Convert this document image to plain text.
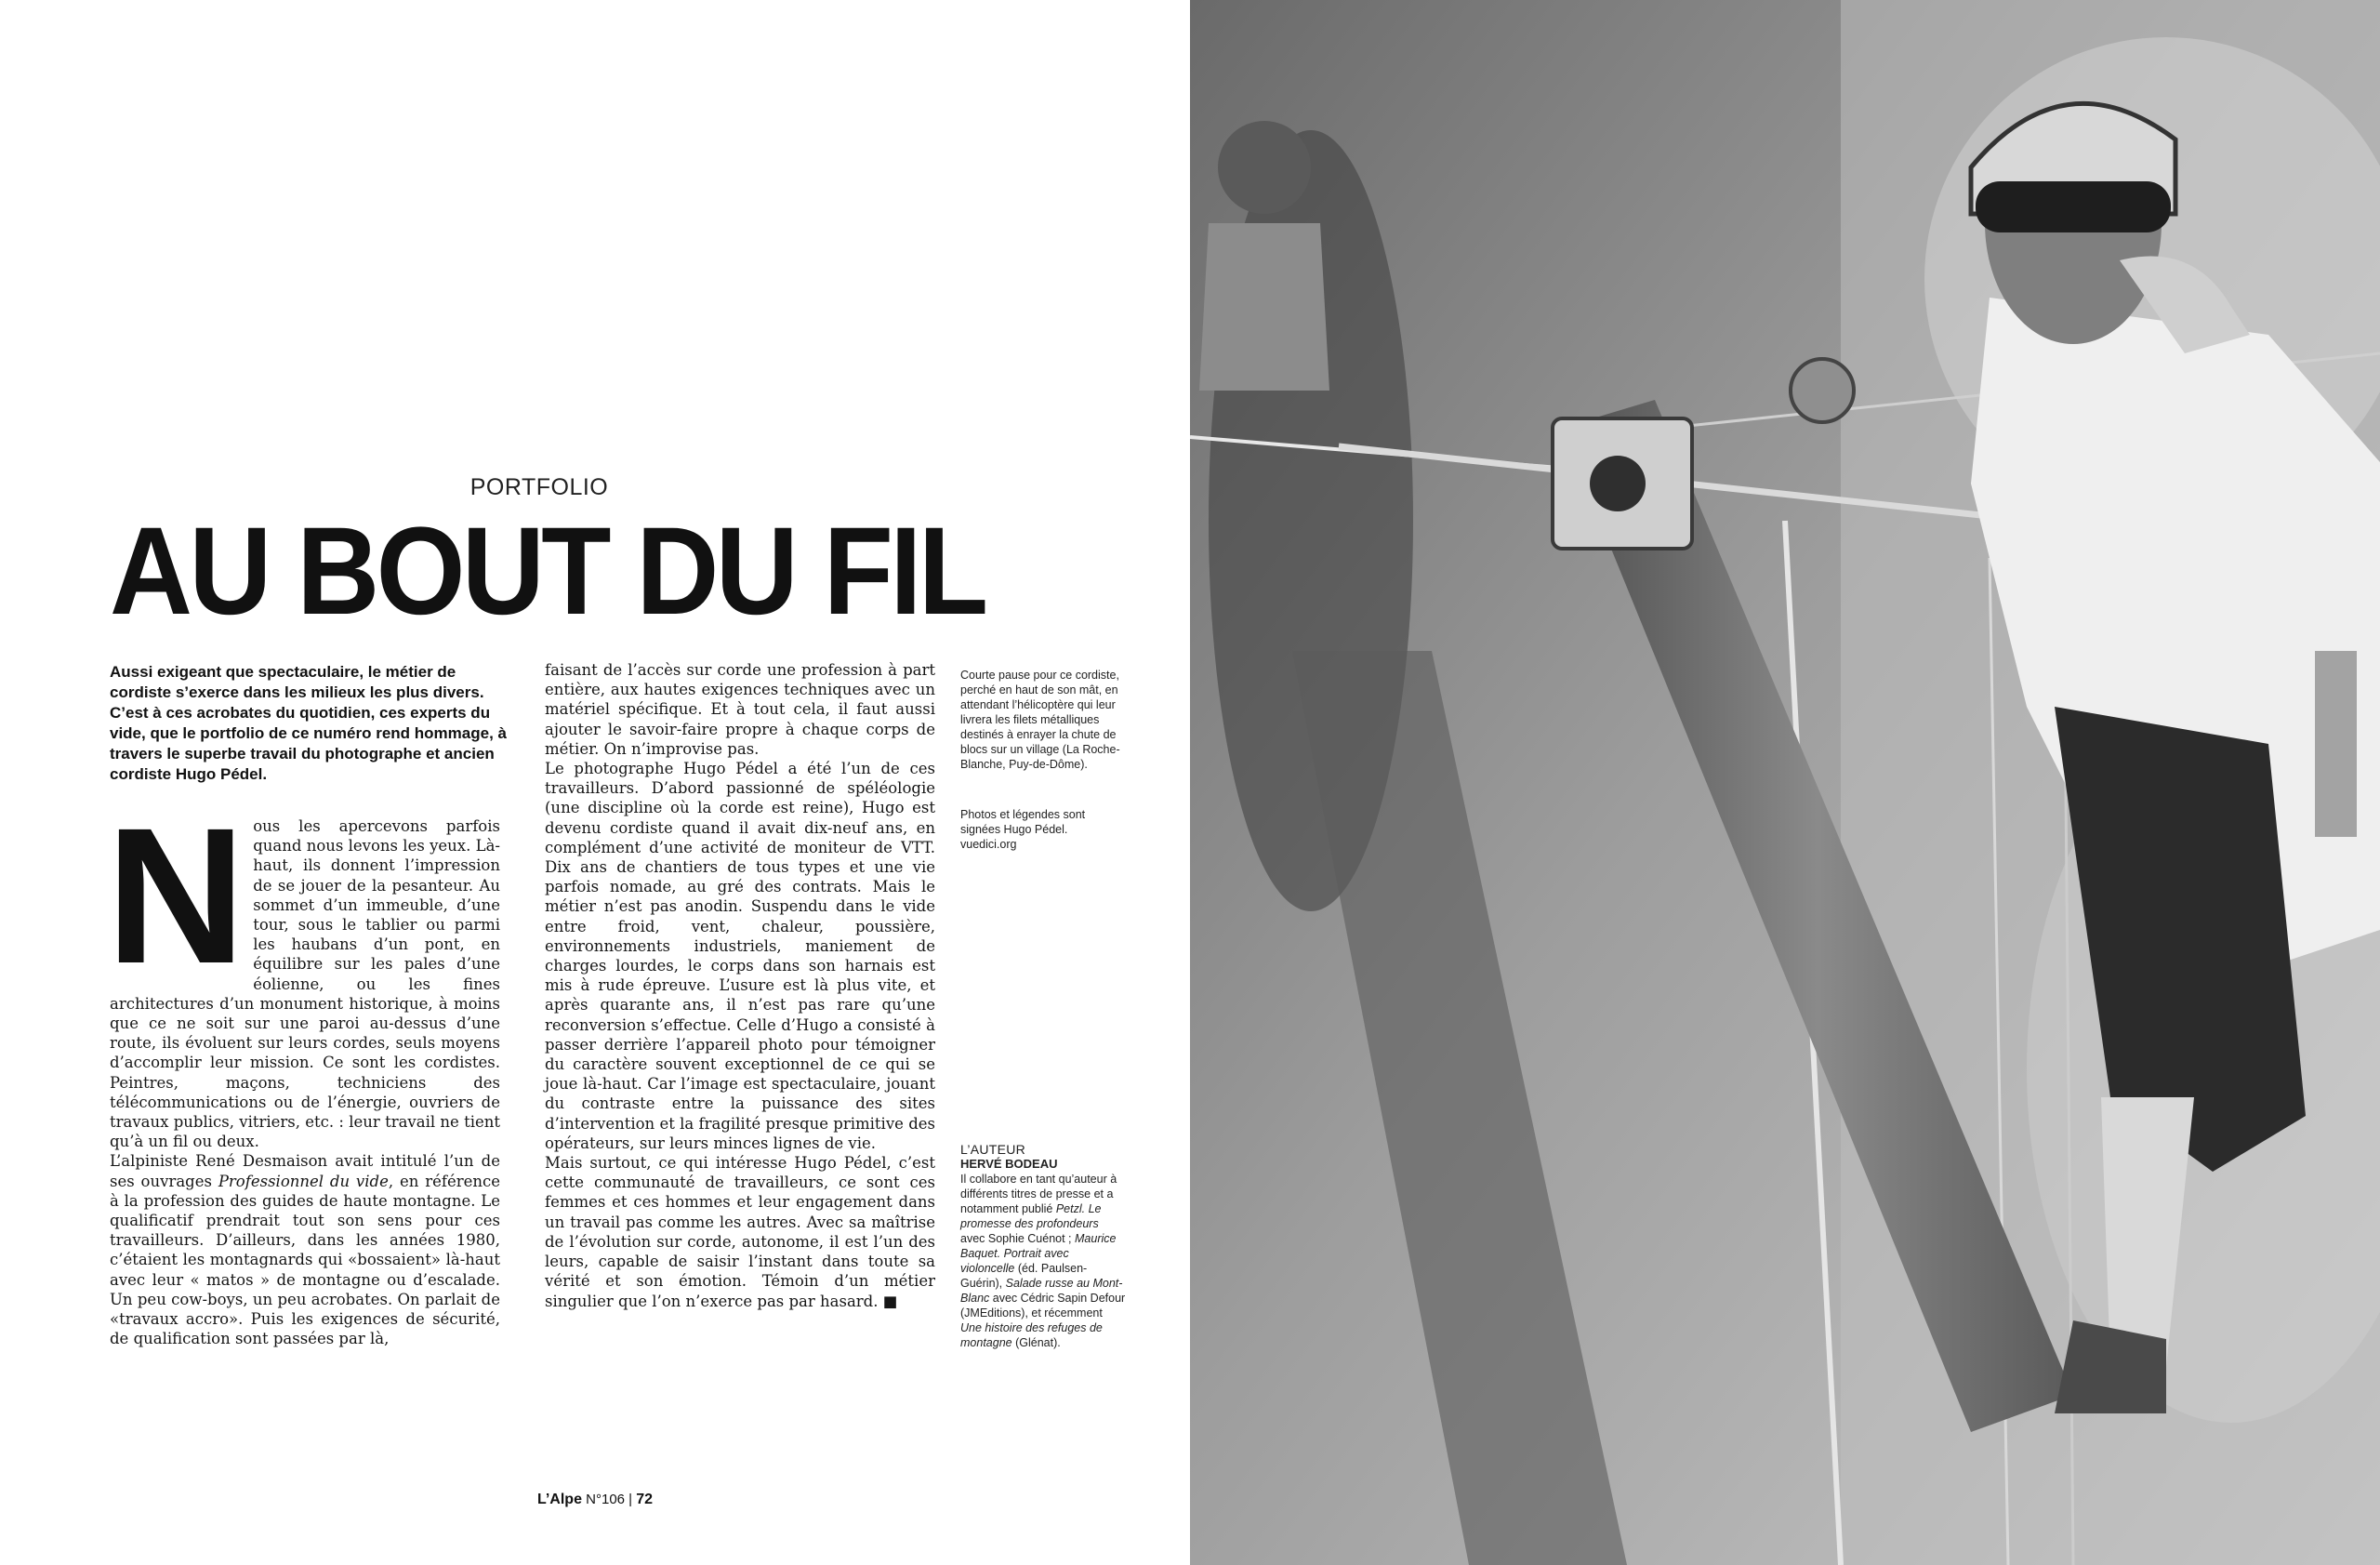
PORTFOLIO
AU BOUT DU FIL

Aussi exigeant que spectaculaire, le métier de cordiste s’exerce dans les milieux les plus divers. C’est à ces acrobates du quotidien, ces experts du vide, que le portfolio de ce numéro rend hommage, à travers le superbe travail du photographe et ancien cordiste Hugo Pédel.

Nous les apercevons parfois quand nous levons les yeux. Là-haut, ils donnent l’impression de se jouer de la pesanteur. Au sommet d’un immeuble, d’une tour, sous le tablier ou parmi les haubans d’un pont, en équilibre sur les pales d’une éolienne, ou les fines architectures d’un monument historique, à moins que ce ne soit sur une paroi au-dessus d’une route, ils évoluent sur leurs cordes, seuls moyens d’accomplir leur mission. Ce sont les cordistes. Peintres, maçons, techniciens des télécommunications ou de l’énergie, ouvriers de travaux publics, vitriers, etc. : leur travail ne tient qu’à un fil ou deux.

L’alpiniste René Desmaison avait intitulé l’un de ses ouvrages Professionnel du vide, en référence à la profession des guides de haute montagne. Le qualificatif prendrait tout son sens pour ces travailleurs. D’ailleurs, dans les années 1980, c’étaient les montagnards qui «bossaient» là-haut avec leur « matos » de montagne ou d’escalade. Un peu cow-boys, un peu acrobates. On parlait de «travaux accro». Puis les exigences de sécurité, de qualification sont passées par là,

faisant de l’accès sur corde une profession à part entière, aux hautes exigences techniques avec un matériel spécifique. Et à tout cela, il faut aussi ajouter le savoir-faire propre à chaque corps de métier. On n’improvise pas.

Le photographe Hugo Pédel a été l’un de ces travailleurs. D’abord passionné de spéléologie (une discipline où la corde est reine), Hugo est devenu cordiste quand il avait dix-neuf ans, en complément d’une activité de moniteur de VTT. Dix ans de chantiers de tous types et une vie parfois nomade, au gré des contrats. Mais le métier n’est pas anodin. Suspendu dans le vide entre froid, vent, chaleur, poussière, environnements industriels, maniement de charges lourdes, le corps dans son harnais est mis à rude épreuve. L’usure est là plus vite, et après quarante ans, il n’est pas rare qu’une reconversion s’effectue. Celle d’Hugo a consisté à passer derrière l’appareil photo pour témoigner du caractère souvent exceptionnel de ce qui se joue là-haut. Car l’image est spectaculaire, jouant du contraste entre la puissance des sites d’intervention et la fragilité presque primitive des opérateurs, sur leurs minces lignes de vie.

Mais surtout, ce qui intéresse Hugo Pédel, c’est cette communauté de travailleurs, ce sont ces femmes et ces hommes et leur engagement dans un travail pas comme les autres. Avec sa maîtrise de l’évolution sur corde, autonome, il est l’un des leurs, capable de saisir l’instant dans toute sa vérité et son émotion. Témoin d’un métier singulier que l’on n’exerce pas par hasard. ■

Courte pause pour ce cordiste, perché en haut de son mât, en attendant l’hélicoptère qui leur livrera les filets métalliques destinés à enrayer la chute de blocs sur un village (La Roche-Blanche, Puy-de-Dôme).
Photos et légendes sont signées Hugo Pédel. vuedici.org
L’AUTEUR
HERVÉ BODEAU
Il collabore en tant qu’auteur à différents titres de presse et a notamment publié Petzl. Le promesse des profondeurs avec Sophie Cuénot ; Maurice Baquet. Portrait avec violoncelle (éd. Paulsen-Guérin), Salade russe au Mont-Blanc avec Cédric Sapin Defour (JMEditions), et récemment Une histoire des refuges de montagne (Glénat).
L’Alpe N°106 | 72
